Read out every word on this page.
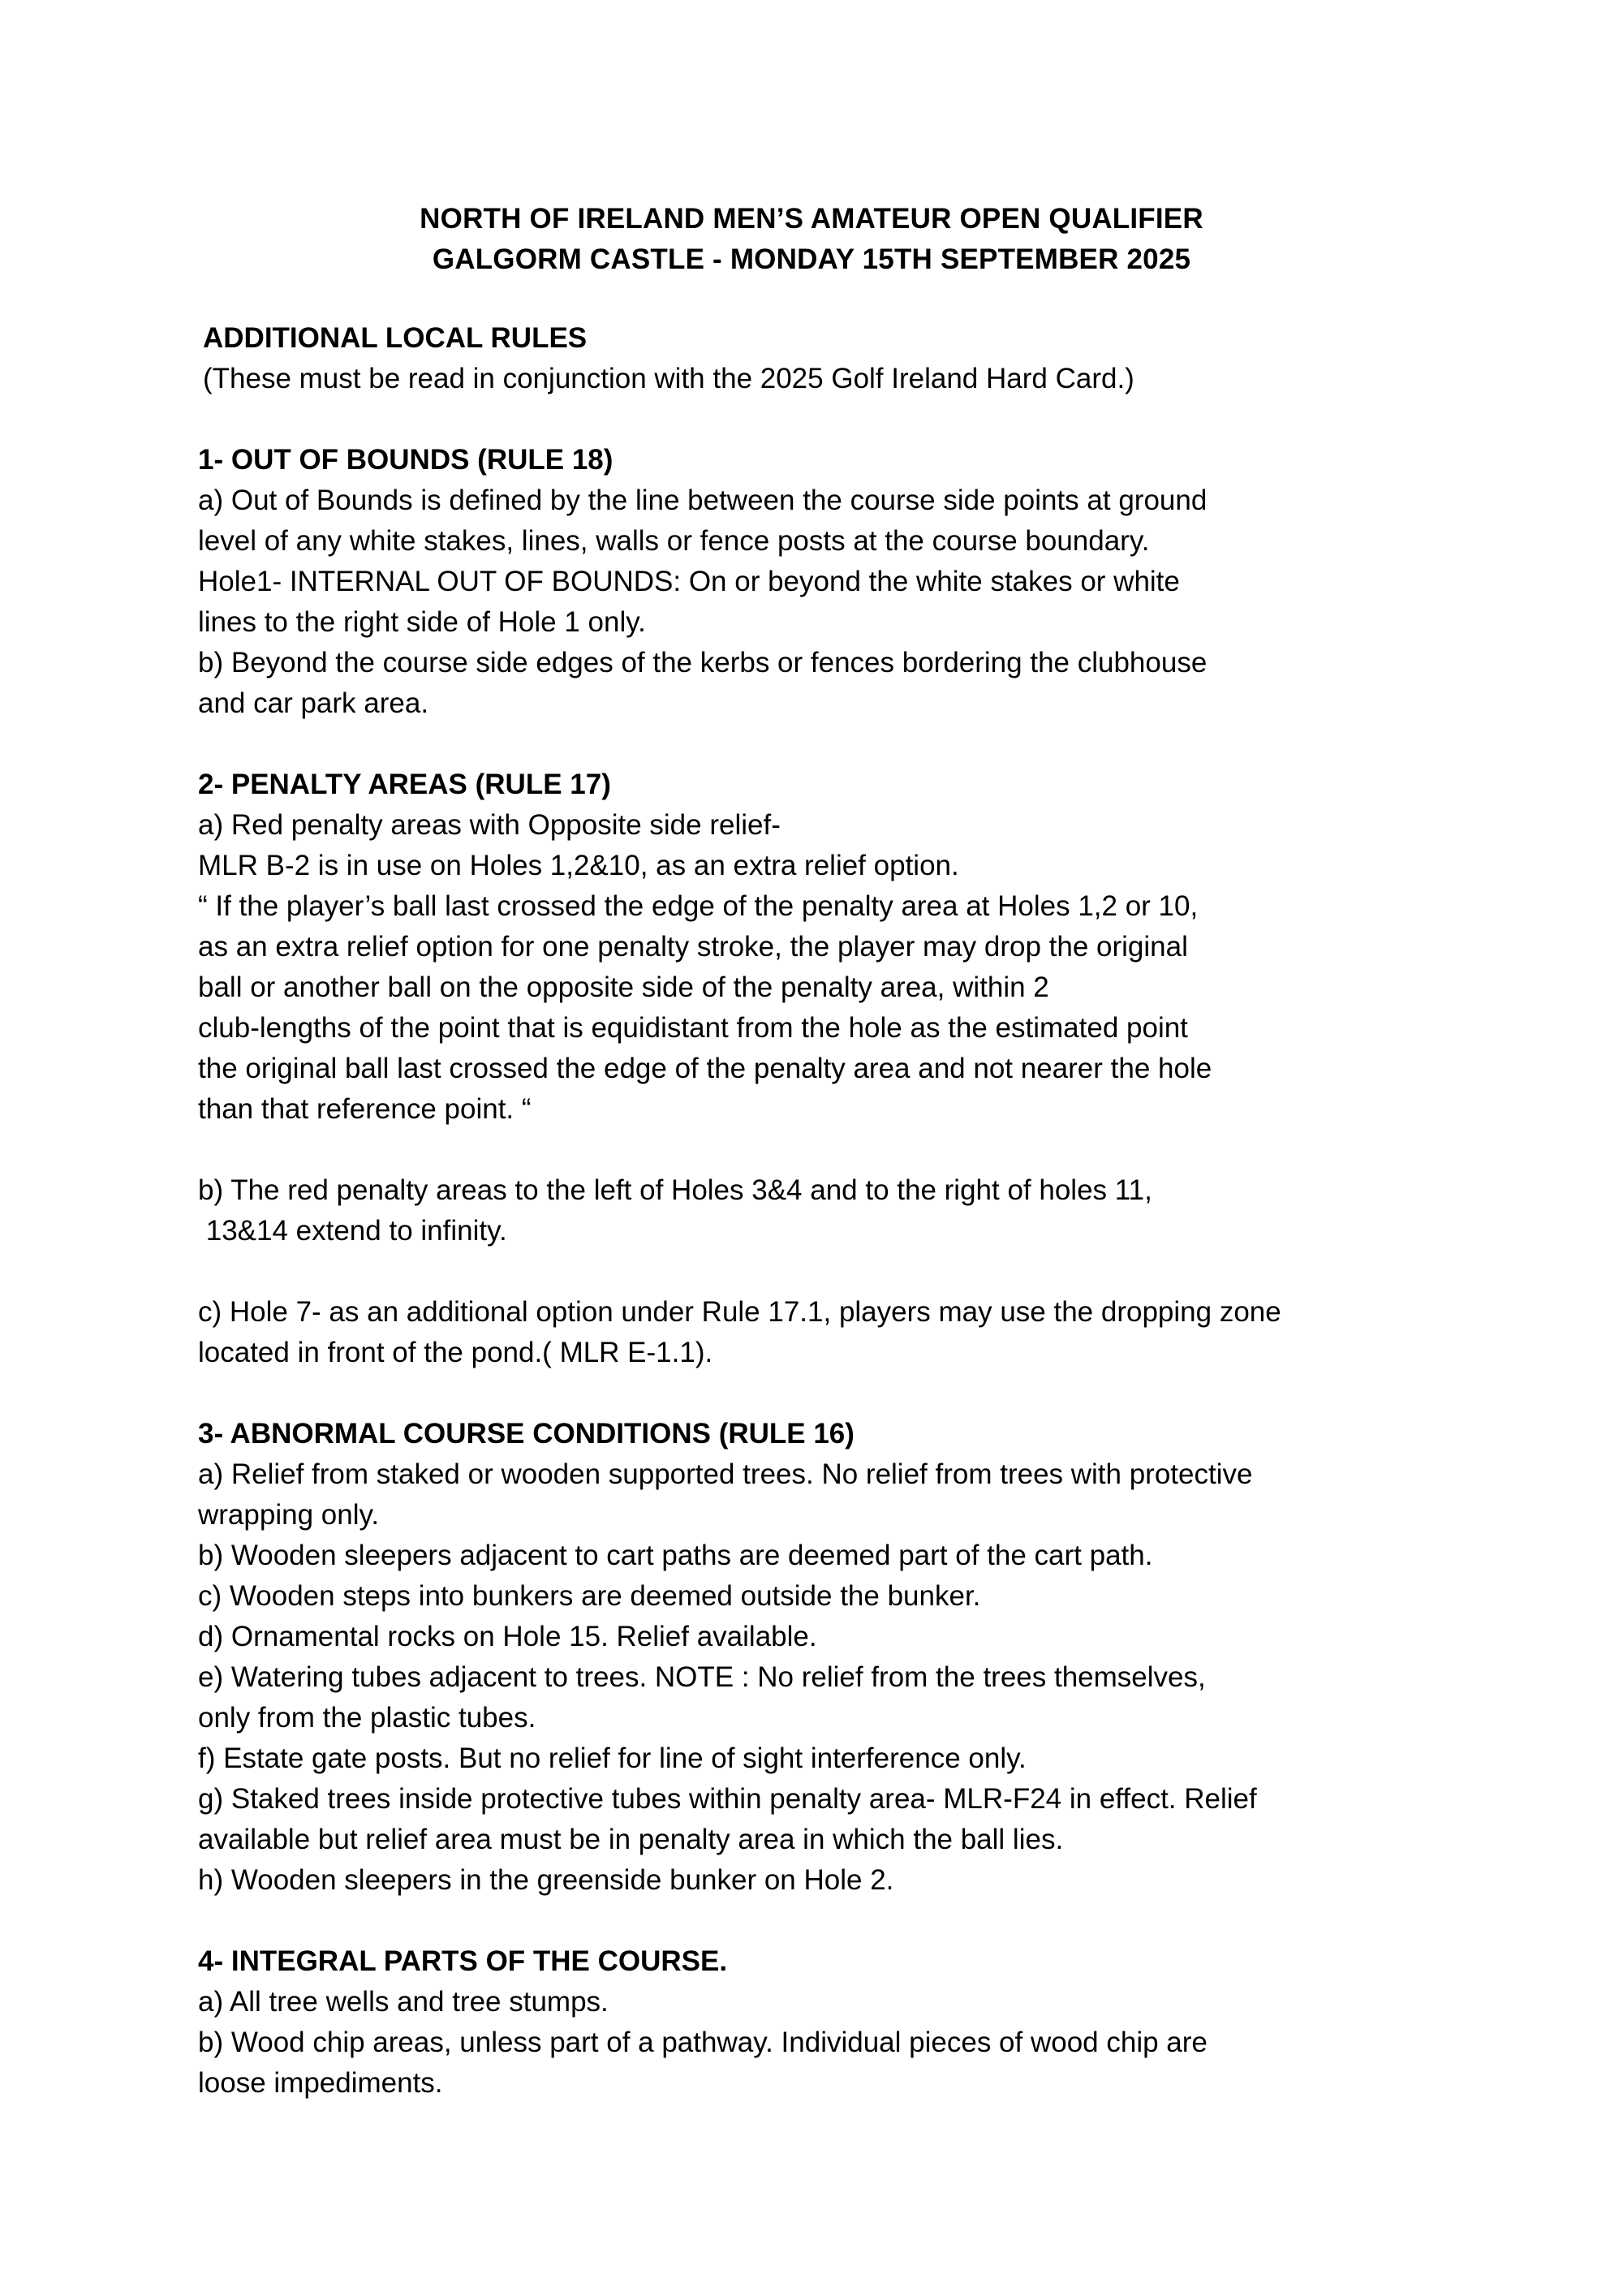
NORTH OF IRELAND MEN’S AMATEUR OPEN QUALIFIER
GALGORM CASTLE - MONDAY 15TH SEPTEMBER 2025
ADDITIONAL LOCAL RULES
(These must be read in conjunction with the 2025 Golf Ireland Hard Card.)
1- OUT OF BOUNDS (RULE 18)
a) Out of Bounds is defined by the line between the course side points at ground
level of any white stakes, lines, walls or fence posts at the course boundary.
Hole1- INTERNAL OUT OF BOUNDS: On or beyond the white stakes or white
lines to the right side of Hole 1 only.
b) Beyond the course side edges of the kerbs or fences bordering the clubhouse
and car park area.
2- PENALTY AREAS (RULE 17)
a) Red penalty areas with Opposite side relief-
MLR B-2 is in use on Holes 1,2&10, as an extra relief option.
“ If the player’s ball last crossed the edge of the penalty area at Holes 1,2 or 10,
as an extra relief option for one penalty stroke, the player may drop the original
ball or another ball on the opposite side of the penalty area, within 2
club-lengths of the point that is equidistant from the hole as the estimated point
the original ball last crossed the edge of the penalty area and not nearer the hole
than that reference point. “
b) The red penalty areas to the left of Holes 3&4 and to the right of holes 11,
13&14 extend to infinity.
c) Hole 7- as an additional option under Rule 17.1, players may use the dropping zone
located in front of the pond.( MLR E-1.1).
3- ABNORMAL COURSE CONDITIONS (RULE 16)
a) Relief from staked or wooden supported trees. No relief from trees with protective
wrapping only.
b) Wooden sleepers adjacent to cart paths are deemed part of the cart path.
c) Wooden steps into bunkers are deemed outside the bunker.
d) Ornamental rocks on Hole 15. Relief available.
e) Watering tubes adjacent to trees. NOTE : No relief from the trees themselves,
only from the plastic tubes.
f) Estate gate posts. But no relief for line of sight interference only.
g) Staked trees inside protective tubes within penalty area- MLR-F24 in effect. Relief
available but relief area must be in penalty area in which the ball lies.
h) Wooden sleepers in the greenside bunker on Hole 2.
4- INTEGRAL PARTS OF THE COURSE.
a) All tree wells and tree stumps.
b) Wood chip areas, unless part of a pathway. Individual pieces of wood chip are
loose impediments.
